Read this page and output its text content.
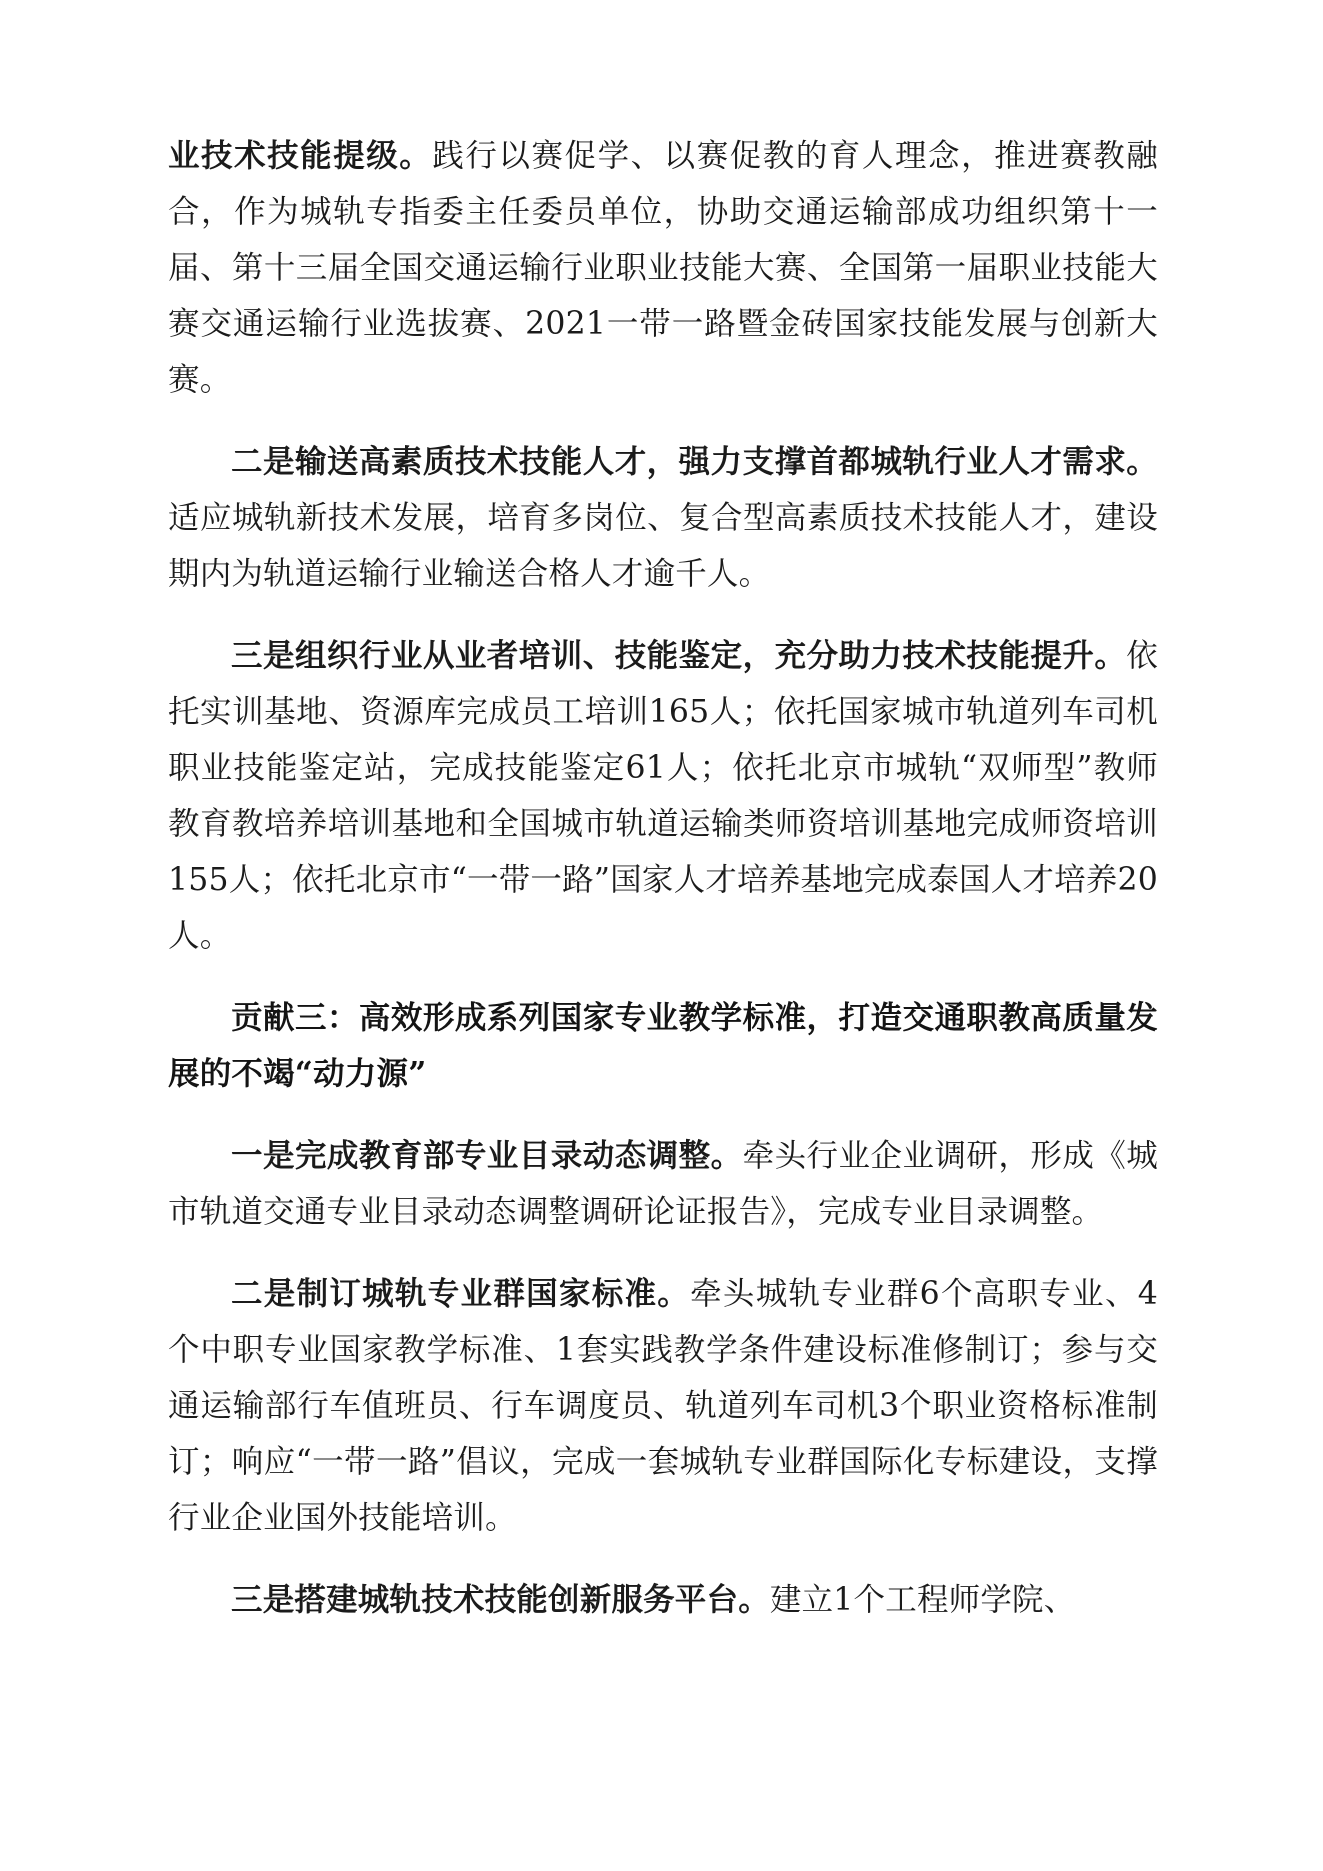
业技术技能提级。践行以赛促学、以赛促教的育人理念，推进赛教融合，作为城轨专指委主任委员单位，协助交通运输部成功组织第十一届、第十三届全国交通运输行业职业技能大赛、全国第一届职业技能大赛交通运输行业选拔赛、2021一带一路暨金砖国家技能发展与创新大赛。

二是输送高素质技术技能人才，强力支撑首都城轨行业人才需求。适应城轨新技术发展，培育多岗位、复合型高素质技术技能人才，建设期内为轨道运输行业输送合格人才逾千人。

三是组织行业从业者培训、技能鉴定，充分助力技术技能提升。依托实训基地、资源库完成员工培训165人；依托国家城市轨道列车司机职业技能鉴定站，完成技能鉴定61人；依托北京市城轨“双师型”教师教育教培养培训基地和全国城市轨道运输类师资培训基地完成师资培训155人；依托北京市“一带一路”国家人才培养基地完成泰国人才培养20人。

贡献三：高效形成系列国家专业教学标准，打造交通职教高质量发展的不竭“动力源”

一是完成教育部专业目录动态调整。牵头行业企业调研，形成《城市轨道交通专业目录动态调整调研论证报告》，完成专业目录调整。

二是制订城轨专业群国家标准。牵头城轨专业群6个高职专业、4个中职专业国家教学标准、1套实践教学条件建设标准修制订；参与交通运输部行车值班员、行车调度员、轨道列车司机3个职业资格标准制订；响应“一带一路”倡议，完成一套城轨专业群国际化专标建设，支撑行业企业国外技能培训。

三是搭建城轨技术技能创新服务平台。建立1个工程师学院、
